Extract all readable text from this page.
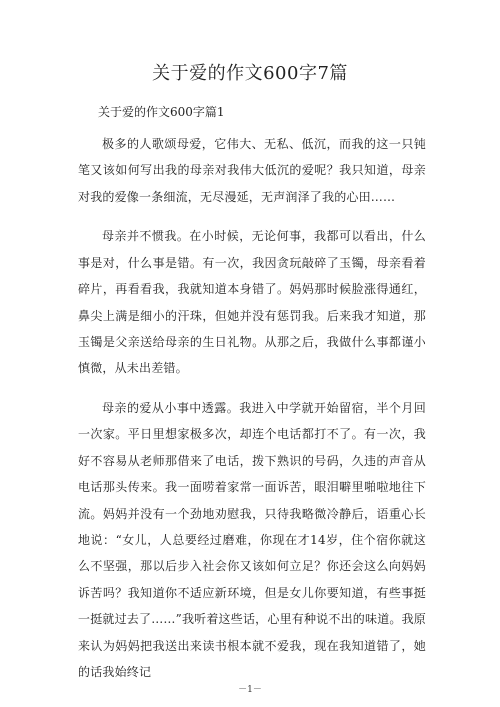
关于爱的作文600字7篇

关于爱的作文600字篇1

极多的人歌颂母爱，它伟大、无私、低沉，而我的这一只钝笔又该如何写出我的母亲对我伟大低沉的爱呢？我只知道，母亲对我的爱像一条细流，无尽漫延，无声润泽了我的心田……

母亲并不惯我。在小时候，无论何事，我都可以看出，什么事是对，什么事是错。有一次，我因贪玩敲碎了玉镯，母亲看着碎片，再看看我，我就知道本身错了。妈妈那时候脸涨得通红，鼻尖上满是细小的汗珠，但她并没有惩罚我。后来我才知道，那玉镯是父亲送给母亲的生日礼物。从那之后，我做什么事都谨小慎微，从未出差错。

母亲的爱从小事中透露。我进入中学就开始留宿，半个月回一次家。平日里想家极多次，却连个电话都打不了。有一次，我好不容易从老师那借来了电话，拨下熟识的号码，久违的声音从电话那头传来。我一面唠着家常一面诉苦，眼泪噼里啪啦地往下流。妈妈并没有一个劲地劝慰我，只待我略微冷静后，语重心长地说：“女儿，人总要经过磨难，你现在才14岁，住个宿你就这么不坚强，那以后步入社会你又该如何立足？你还会这么向妈妈诉苦吗？我知道你不适应新环境，但是女儿你要知道，有些事挺一挺就过去了……”我听着这些话，心里有种说不出的味道。我原来认为妈妈把我送出来读书根本就不爱我，现在我知道错了，她的话我始终记

－1－
